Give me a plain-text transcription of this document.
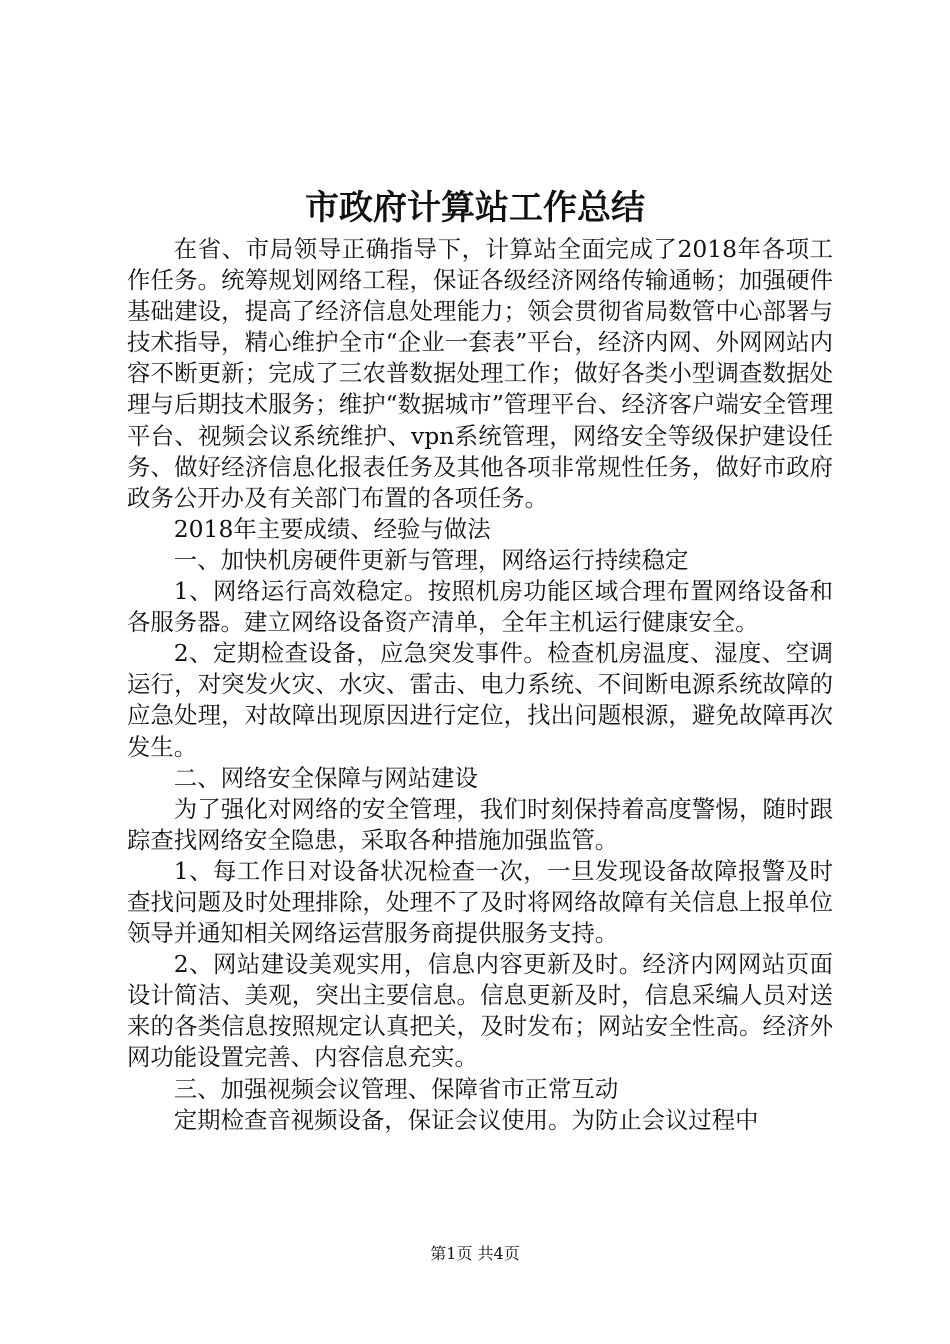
市政府计算站工作总结

在省、市局领导正确指导下，计算站全面完成了2018年各项工作任务。统筹规划网络工程，保证各级经济网络传输通畅；加强硬件基础建设，提高了经济信息处理能力；领会贯彻省局数管中心部署与技术指导，精心维护全市“企业一套表”平台，经济内网、外网网站内容不断更新；完成了三农普数据处理工作；做好各类小型调查数据处理与后期技术服务；维护“数据城市”管理平台、经济客户端安全管理平台、视频会议系统维护、vpn系统管理，网络安全等级保护建设任务、做好经济信息化报表任务及其他各项非常规性任务，做好市政府政务公开办及有关部门布置的各项任务。

2018年主要成绩、经验与做法

一、加快机房硬件更新与管理，网络运行持续稳定

1、网络运行高效稳定。按照机房功能区域合理布置网络设备和各服务器。建立网络设备资产清单，全年主机运行健康安全。

2、定期检查设备，应急突发事件。检查机房温度、湿度、空调运行，对突发火灾、水灾、雷击、电力系统、不间断电源系统故障的应急处理，对故障出现原因进行定位，找出问题根源，避免故障再次发生。

二、网络安全保障与网站建设

为了强化对网络的安全管理，我们时刻保持着高度警惕，随时跟踪查找网络安全隐患，采取各种措施加强监管。

1、每工作日对设备状况检查一次，一旦发现设备故障报警及时查找问题及时处理排除，处理不了及时将网络故障有关信息上报单位领导并通知相关网络运营服务商提供服务支持。

2、网站建设美观实用，信息内容更新及时。经济内网网站页面设计简洁、美观，突出主要信息。信息更新及时，信息采编人员对送来的各类信息按照规定认真把关，及时发布；网站安全性高。经济外网功能设置完善、内容信息充实。

三、加强视频会议管理、保障省市正常互动

定期检查音视频设备，保证会议使用。为防止会议过程中

第1页 共4页
